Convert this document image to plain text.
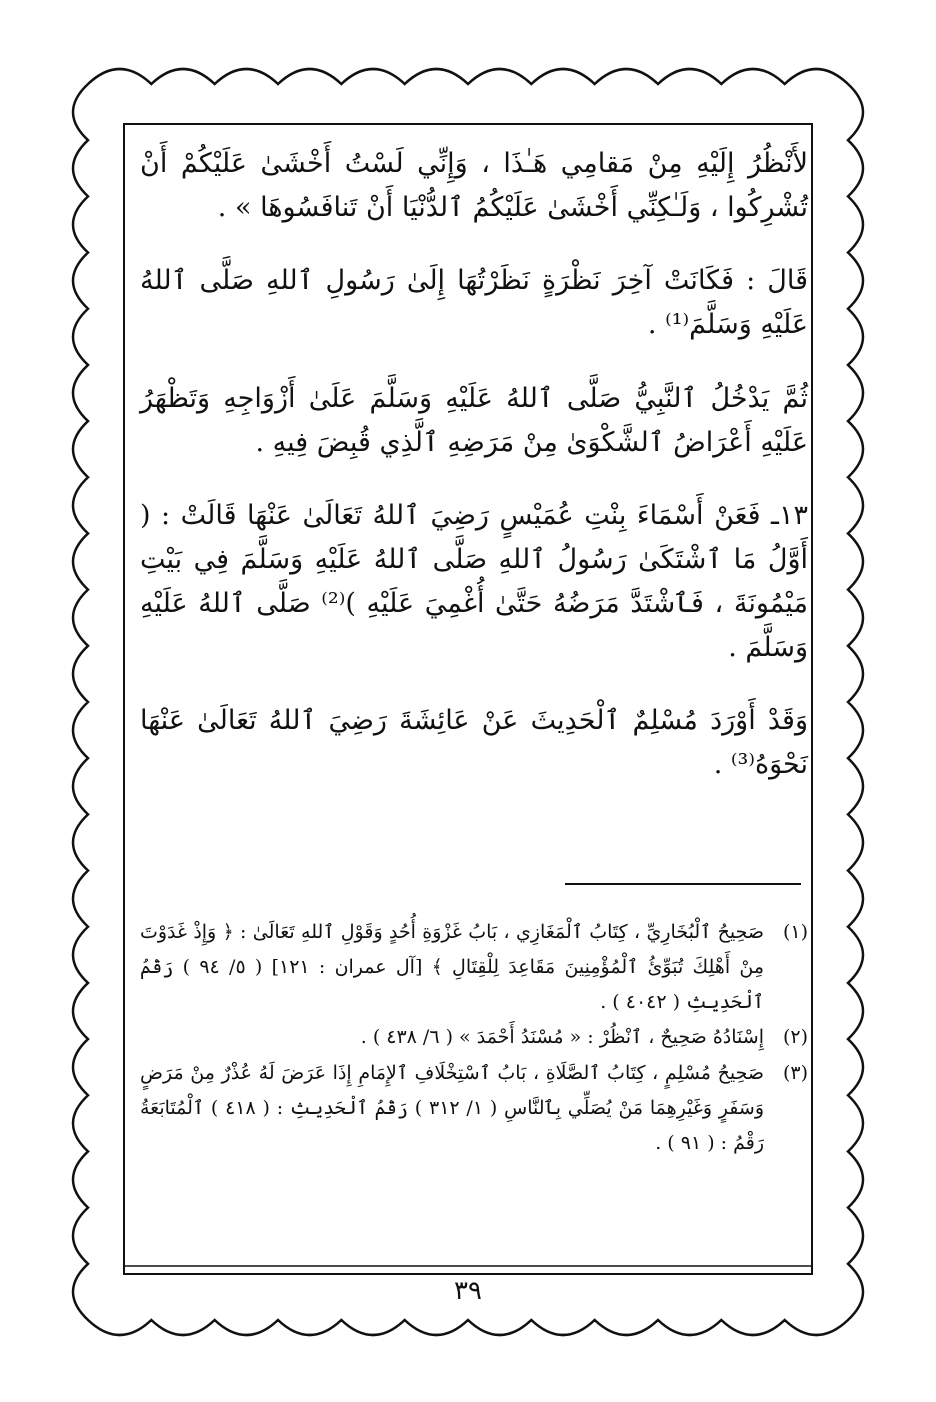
لأَنْظُرُ إِلَيْهِ مِنْ مَقامِي هَـٰذَا ، وَإِنِّي لَسْتُ أَخْشَىٰ عَلَيْكُمْ أَنْ تُشْرِكُوا ، وَلَـٰكِنِّي أَخْشَىٰ عَلَيْكُمُ ٱلدُّنْيَا أَنْ تَنافَسُوهَا » .

قَالَ : فَكَانَتْ آخِرَ نَظْرَةٍ نَظَرْتُهَا إِلَىٰ رَسُولِ ٱللهِ صَلَّى ٱللهُ عَلَيْهِ وَسَلَّمَ⁽¹⁾ .

ثُمَّ يَدْخُلُ ٱلنَّبِيُّ صَلَّى ٱللهُ عَلَيْهِ وَسَلَّمَ عَلَىٰ أَزْوَاجِهِ وَتَظْهَرُ عَلَيْهِ أَعْرَاضُ ٱلشَّكْوَىٰ مِنْ مَرَضِهِ ٱلَّذِي قُبِضَ فِيهِ .

١٣ـ فَعَنْ أَسْمَاءَ بِنْتِ عُمَيْسٍ رَضِيَ ٱللهُ تَعَالَىٰ عَنْهَا قَالَتْ : ( أَوَّلُ مَا ٱشْتَكَىٰ رَسُولُ ٱللهِ صَلَّى ٱللهُ عَلَيْهِ وَسَلَّمَ فِي بَيْتِ مَيْمُونَةَ ، فَٱشْتَدَّ مَرَضُهُ حَتَّىٰ أُغْمِيَ عَلَيْهِ )⁽²⁾ صَلَّى ٱللهُ عَلَيْهِ وَسَلَّمَ .

وَقَدْ أَوْرَدَ مُسْلِمٌ ٱلْحَدِيثَ عَنْ عَائِشَةَ رَضِيَ ٱللهُ تَعَالَىٰ عَنْهَا نَحْوَهُ⁽³⁾ .

(١)
صَحِيحُ ٱلْبُخَارِيِّ ، كِتَابُ ٱلْمَغَازِي ، بَابُ غَزْوَةِ أُحُدٍ وَقَوْلِ ٱللهِ تَعَالَىٰ : ﴿ وَإِذْ غَدَوْتَ مِنْ أَهْلِكَ تُبَوِّئُ ٱلْمُؤْمِنِينَ مَقَاعِدَ لِلْقِتَالِ ﴾ [آل عمران : ١٢١] ( ٥/ ٩٤ ) رَقْمُ ٱلْحَدِيثِ ( ٤٠٤٢ ) .
(٢)
إِسْنَادُهُ صَحِيحٌ ، ٱنْظُرْ : « مُسْنَدُ أَحْمَدَ » ( ٦/ ٤٣٨ ) .
(٣)
صَحِيحُ مُسْلِمٍ ، كِتَابُ ٱلصَّلَاةِ ، بَابُ ٱسْتِخْلَافِ ٱلإِمَامِ إِذَا عَرَضَ لَهُ عُذْرٌ مِنْ مَرَضٍ وَسَفَرٍ وَغَيْرِهِمَا مَنْ يُصَلِّي بِٱلنَّاسِ ( ١/ ٣١٢ ) رَقْمُ ٱلْحَدِيثِ : ( ٤١٨ ) ٱلْمُتَابَعَةُ رَقْمُ : ( ٩١ ) .
٣٩
